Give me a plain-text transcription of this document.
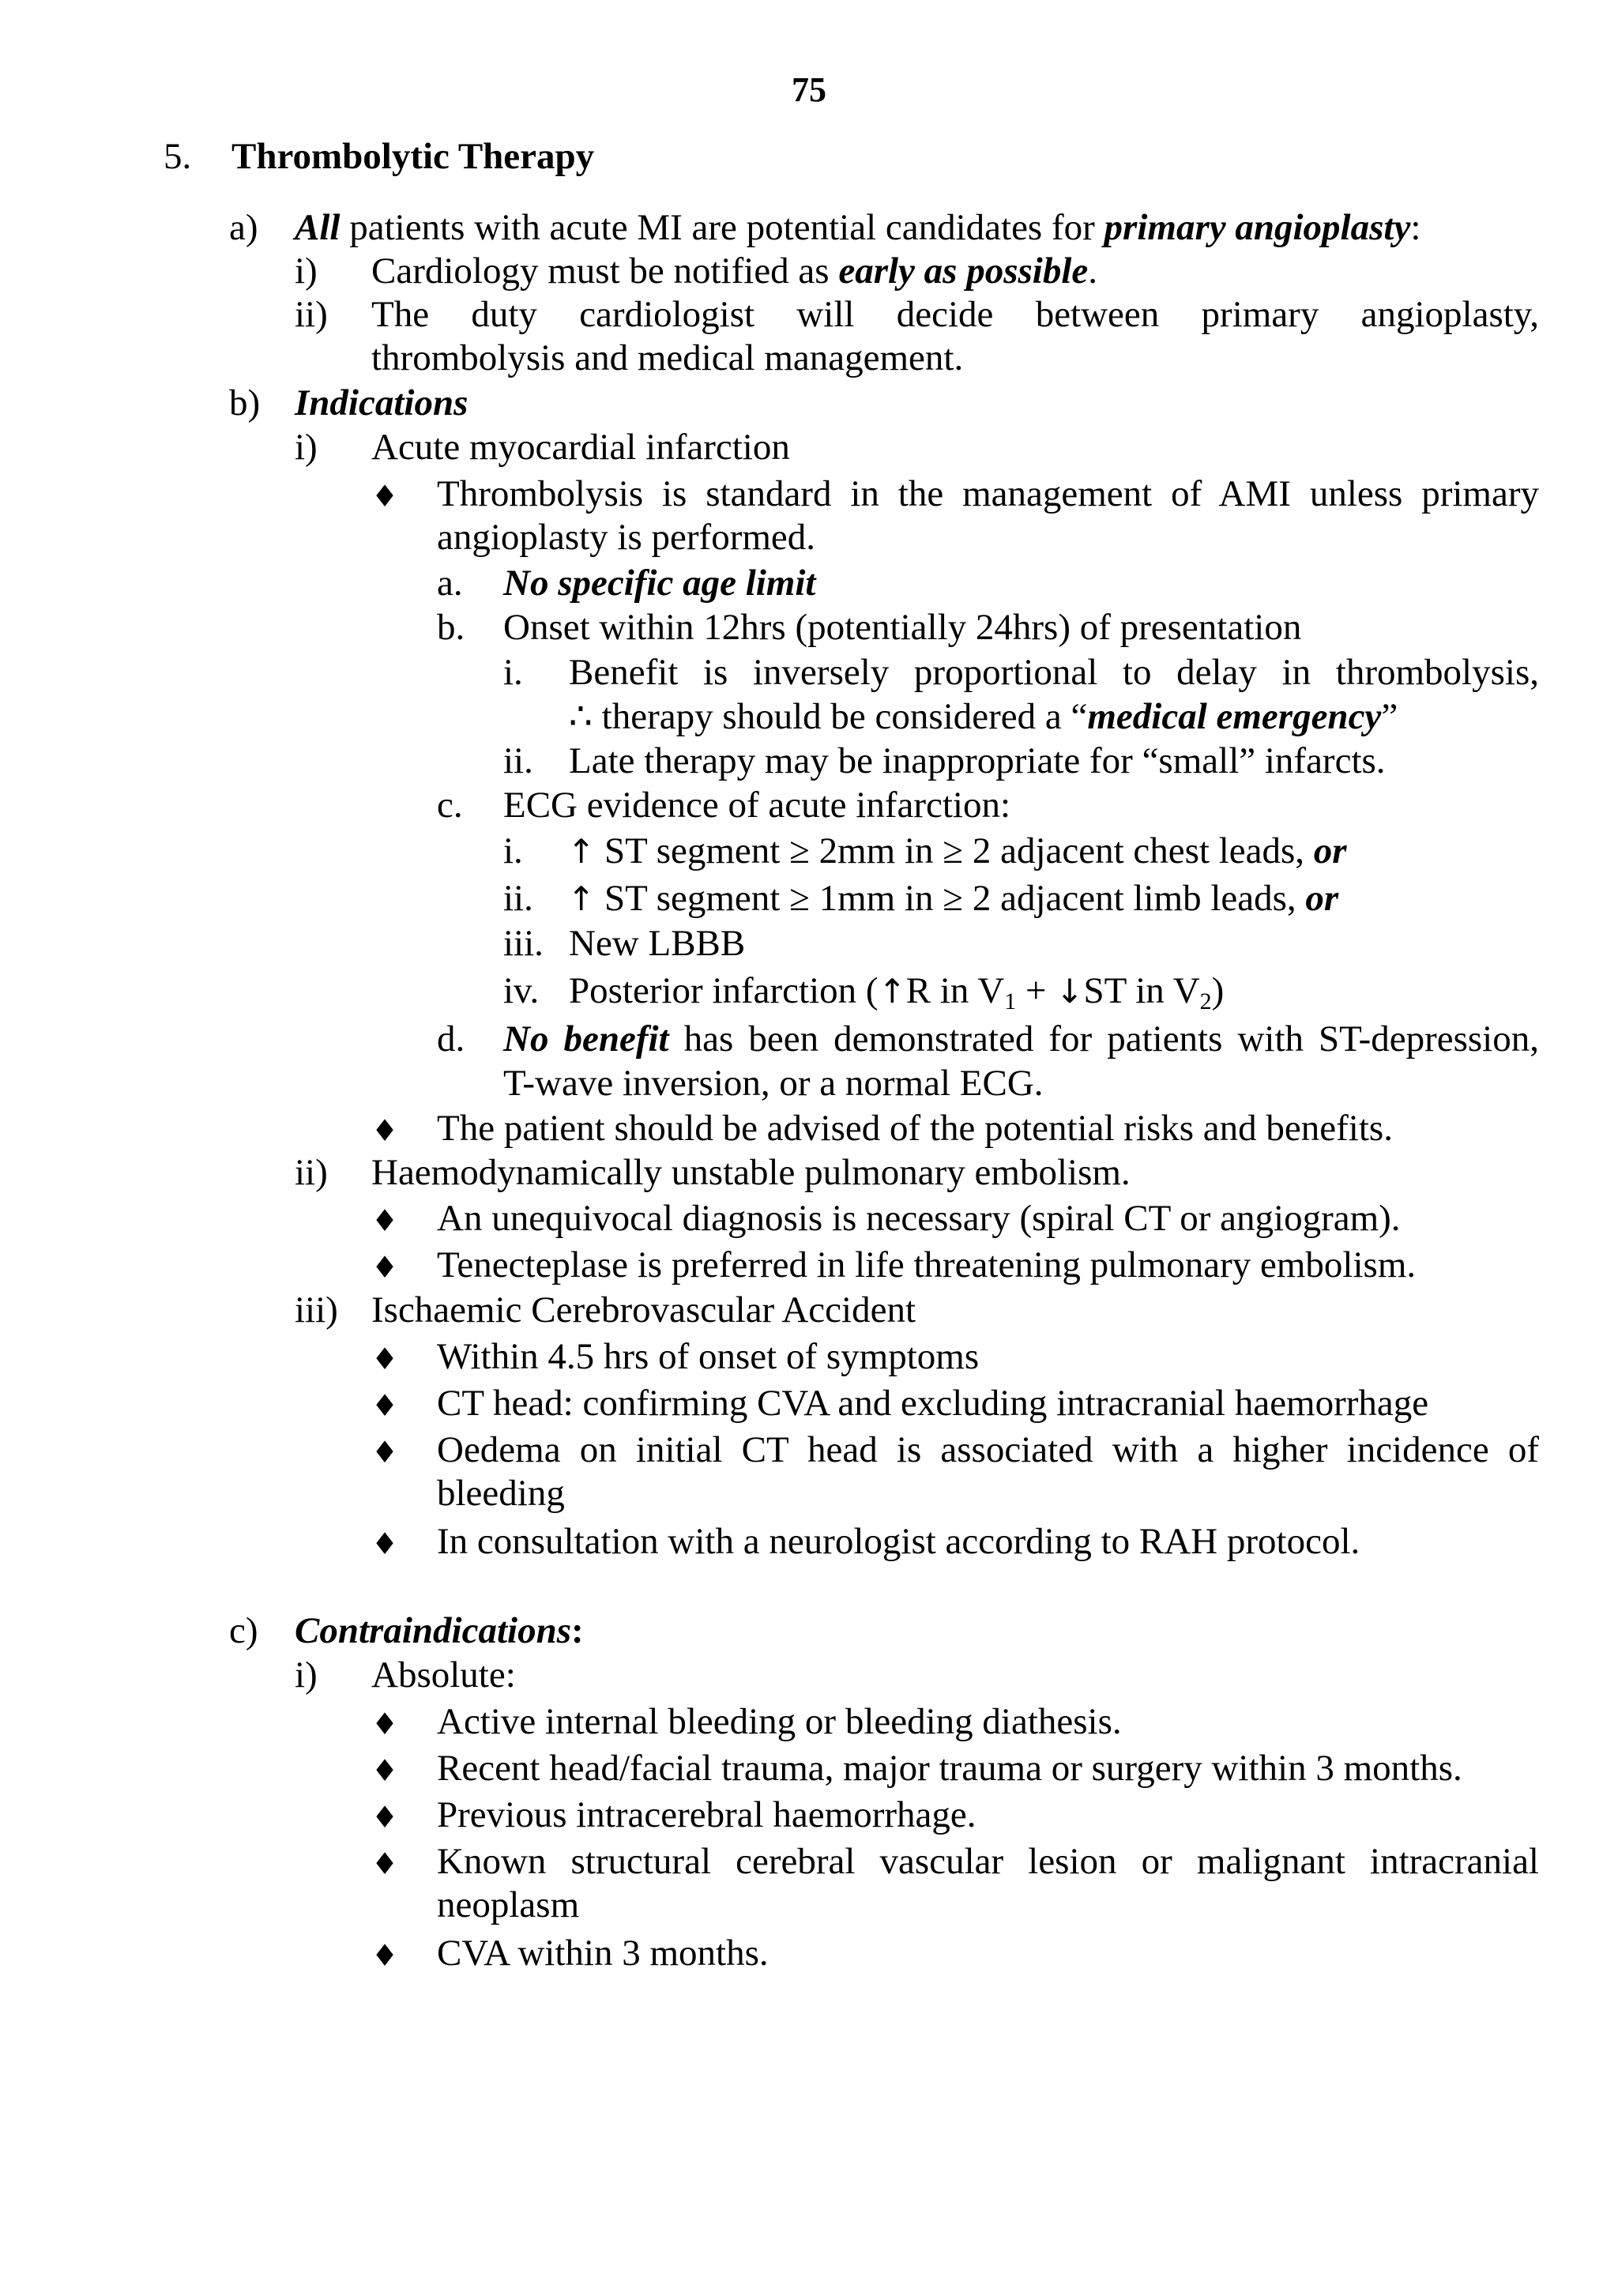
75
5. Thrombolytic Therapy
a) All patients with acute MI are potential candidates for primary angioplasty:
i) Cardiology must be notified as early as possible.
ii) The duty cardiologist will decide between primary angioplasty,
thrombolysis and medical management.
b) Indications
i) Acute myocardial infarction
♦ Thrombolysis is standard in the management of AMI unless primary
angioplasty is performed.
a. No specific age limit
b. Onset within 12hrs (potentially 24hrs) of presentation
i. Benefit is inversely proportional to delay in thrombolysis,
∴ therapy should be considered a “medical emergency”
ii. Late therapy may be inappropriate for “small” infarcts.
c. ECG evidence of acute infarction:
i. ↑ ST segment ≥ 2mm in ≥ 2 adjacent chest leads, or
ii. ↑ ST segment ≥ 1mm in ≥ 2 adjacent limb leads, or
iii. New LBBB
iv. Posterior infarction (↑R in $V_1$ + ↓ST in $V_2$)
d. No benefit has been demonstrated for patients with ST-depression,
T-wave inversion, or a normal ECG.
♦ The patient should be advised of the potential risks and benefits.
ii) Haemodynamically unstable pulmonary embolism.
♦ An unequivocal diagnosis is necessary (spiral CT or angiogram).
♦ Tenecteplase is preferred in life threatening pulmonary embolism.
iii) Ischaemic Cerebrovascular Accident
♦ Within 4.5 hrs of onset of symptoms
♦ CT head: confirming CVA and excluding intracranial haemorrhage
♦ Oedema on initial CT head is associated with a higher incidence of
bleeding
♦ In consultation with a neurologist according to RAH protocol.
c) Contraindications:
i) Absolute:
♦ Active internal bleeding or bleeding diathesis.
♦ Recent head/facial trauma, major trauma or surgery within 3 months.
♦ Previous intracerebral haemorrhage.
♦ Known structural cerebral vascular lesion or malignant intracranial
neoplasm
♦ CVA within 3 months.
